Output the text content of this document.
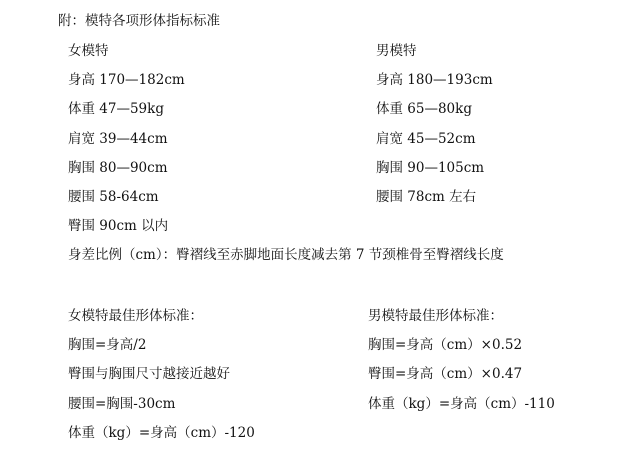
附：模特各项形体指标标准
女模特
身高 170—182cm
体重 47—59kg
肩宽 39—44cm
胸围 80—90cm
腰围 58-64cm
臀围 90cm 以内
男模特
身高 180—193cm
体重 65—80kg
肩宽 45—52cm
胸围 90—105cm
腰围 78cm 左右
身差比例（cm）：臀褶线至赤脚地面长度减去第 7 节颈椎骨至臀褶线长度
女模特最佳形体标准：
胸围=身高/2
臀围与胸围尺寸越接近越好
腰围=胸围-30cm
体重（kg）=身高（cm）-120
男模特最佳形体标准：
胸围=身高（cm）×0.52
臀围=身高（cm）×0.47
体重（kg）=身高（cm）-110
